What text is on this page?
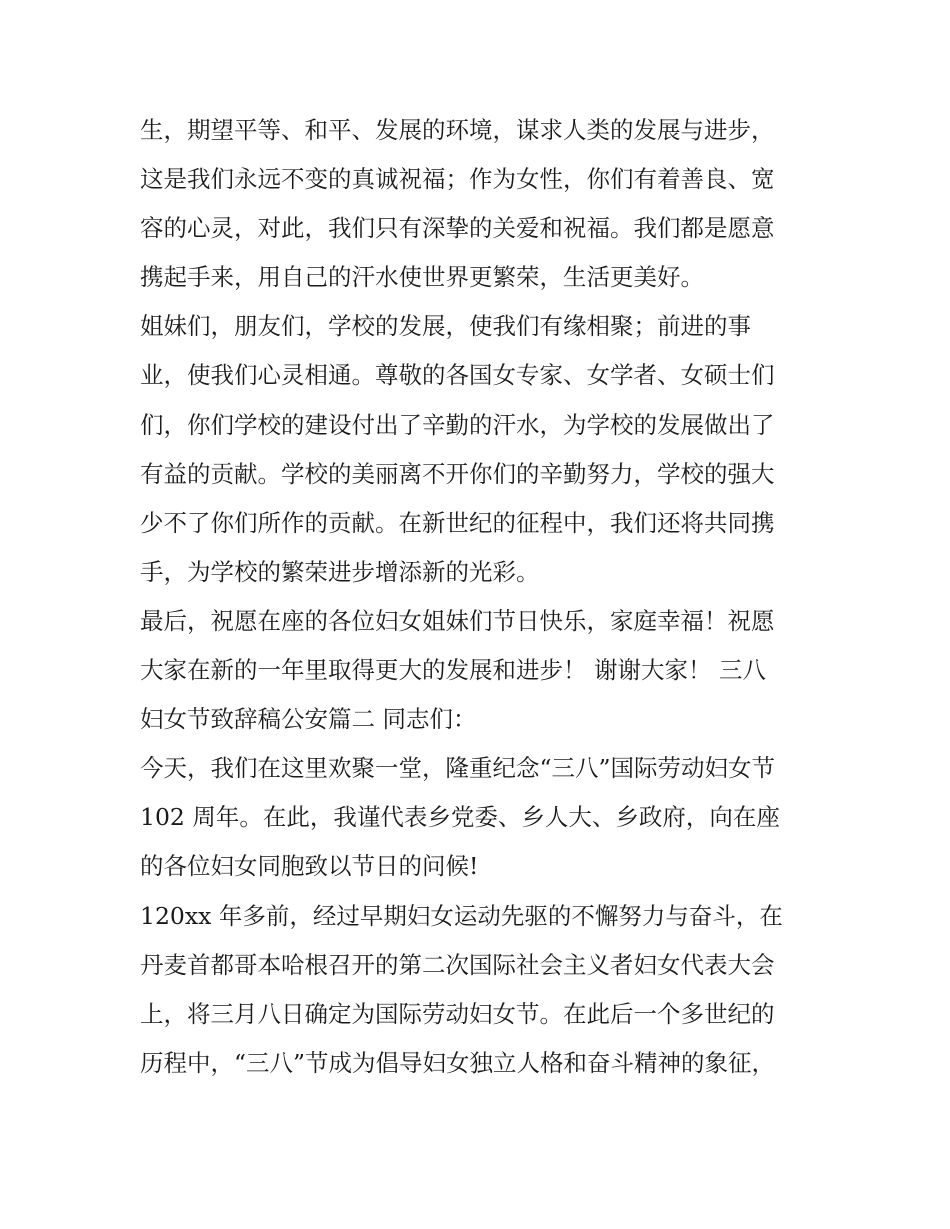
生，期望平等、和平、发展的环境，谋求人类的发展与进步，
这是我们永远不变的真诚祝福；作为女性，你们有着善良、宽
容的心灵，对此，我们只有深挚的关爱和祝福。我们都是愿意
携起手来，用自己的汗水使世界更繁荣，生活更美好。
姐妹们，朋友们，学校的发展，使我们有缘相聚；前进的事
业，使我们心灵相通。尊敬的各国女专家、女学者、女硕士们
们，你们学校的建设付出了辛勤的汗水，为学校的发展做出了
有益的贡献。学校的美丽离不开你们的辛勤努力，学校的强大
少不了你们所作的贡献。在新世纪的征程中，我们还将共同携
手，为学校的繁荣进步增添新的光彩。
最后，祝愿在座的各位妇女姐妹们节日快乐，家庭幸福！祝愿
大家在新的一年里取得更大的发展和进步！ 谢谢大家！ 三八
妇女节致辞稿公安篇二 同志们：
今天，我们在这里欢聚一堂，隆重纪念“三八”国际劳动妇女节
102 周年。在此，我谨代表乡党委、乡人大、乡政府，向在座
的各位妇女同胞致以节日的问候!
120xx 年多前，经过早期妇女运动先驱的不懈努力与奋斗，在
丹麦首都哥本哈根召开的第二次国际社会主义者妇女代表大会
上，将三月八日确定为国际劳动妇女节。在此后一个多世纪的
历程中，“三八”节成为倡导妇女独立人格和奋斗精神的象征，
